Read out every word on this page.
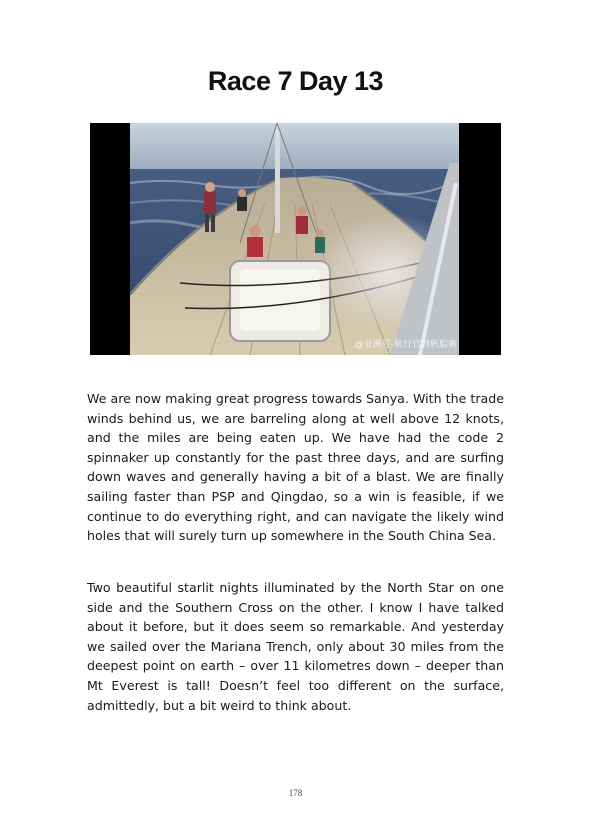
Race 7 Day 13
@亚洲号-航行官网帆船赛

We are now making great progress towards Sanya. With the trade winds behind us, we are barreling along at well above 12 knots, and the miles are being eaten up. We have had the code 2 spinnaker up constantly for the past three days, and are surfing down waves and generally having a bit of a blast. We are finally sailing faster than PSP and Qingdao, so a win is feasible, if we continue to do everything right, and can navigate the likely wind holes that will surely turn up somewhere in the South China Sea.

Two beautiful starlit nights illuminated by the North Star on one side and the Southern Cross on the other. I know I have talked about it before, but it does seem so remarkable. And yesterday we sailed over the Mariana Trench, only about 30 miles from the deepest point on earth – over 11 kilometres down – deeper than Mt Everest is tall! Doesn’t feel too different on the surface, admittedly, but a bit weird to think about.

178
